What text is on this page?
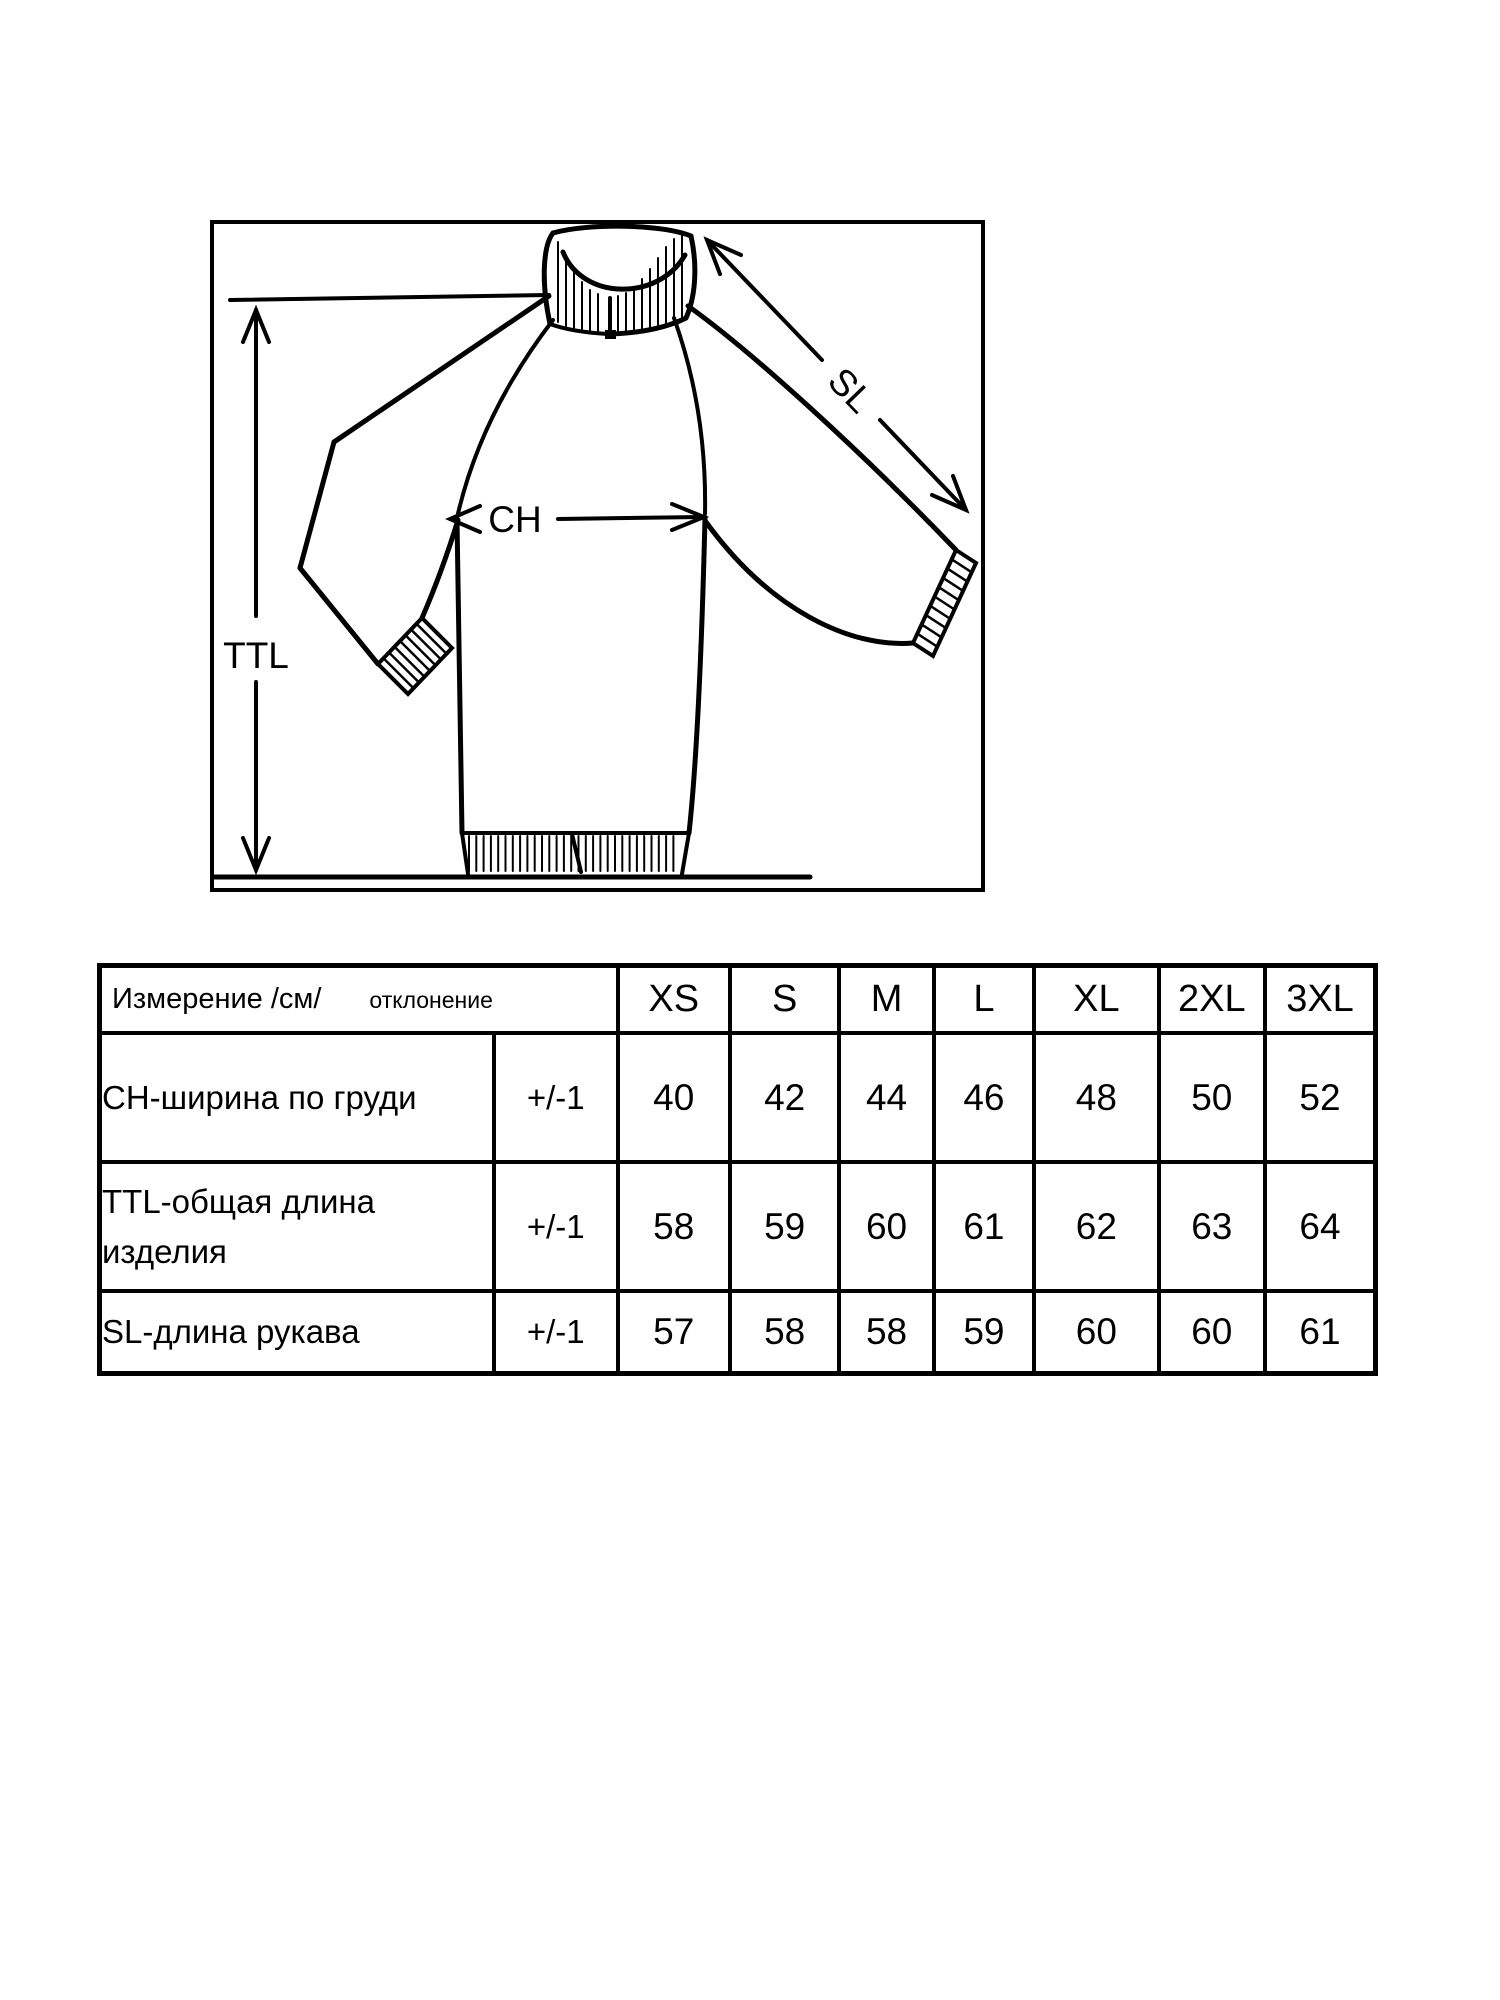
TTL
CH
SL
Измерение /см/ отклонение		XS	S	M	L	XL	2XL	3XL
CH-ширина по груди	+/-1	40	42	44	46	48	50	52
TTL-общая длина изделия	+/-1	58	59	60	61	62	63	64
SL-длина рукава	+/-1	57	58	58	59	60	60	61
